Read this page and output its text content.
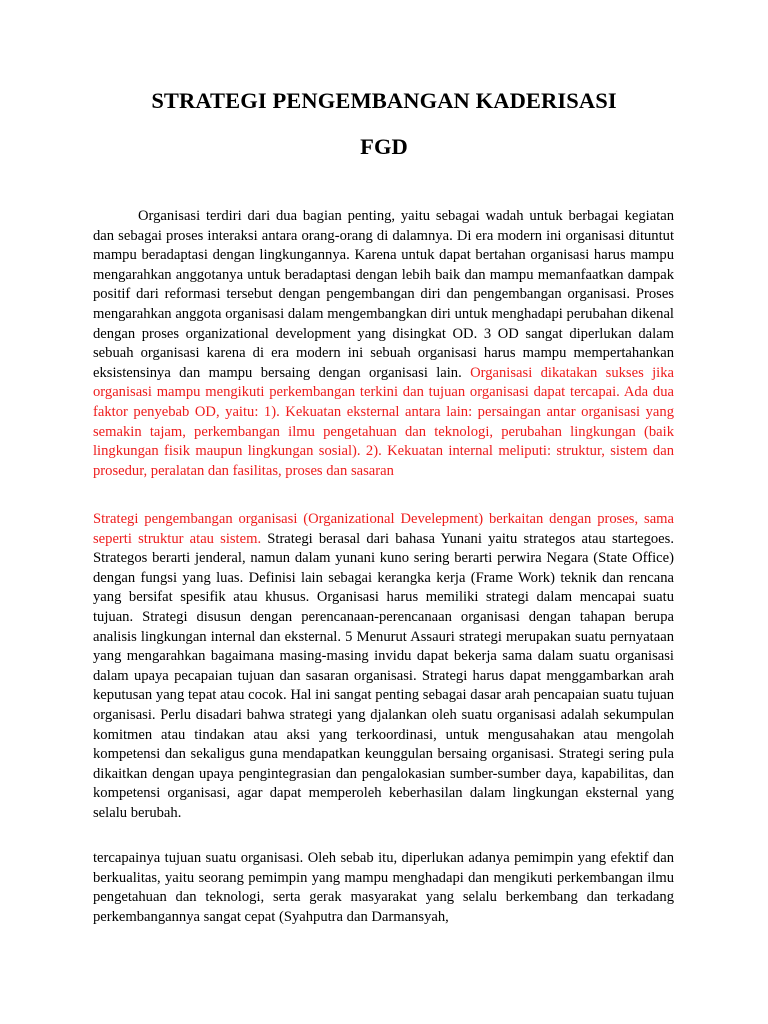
STRATEGI PENGEMBANGAN KADERISASI
FGD

Organisasi terdiri dari dua bagian penting, yaitu sebagai wadah untuk berbagai kegiatan dan sebagai proses interaksi antara orang-orang di dalamnya. Di era modern ini organisasi dituntut mampu beradaptasi dengan lingkungannya. Karena untuk dapat bertahan organisasi harus mampu mengarahkan anggotanya untuk beradaptasi dengan lebih baik dan mampu memanfaatkan dampak positif dari reformasi tersebut dengan pengembangan diri dan pengembangan organisasi. Proses mengarahkan anggota organisasi dalam mengembangkan diri untuk menghadapi perubahan dikenal dengan proses organizational development yang disingkat OD. 3 OD sangat diperlukan dalam sebuah organisasi karena di era modern ini sebuah organisasi harus mampu mempertahankan eksistensinya dan mampu bersaing dengan organisasi lain. Organisasi dikatakan sukses jika organisasi mampu mengikuti perkembangan terkini dan tujuan organisasi dapat tercapai. Ada dua faktor penyebab OD, yaitu: 1). Kekuatan eksternal antara lain: persaingan antar organisasi yang semakin tajam, perkembangan ilmu pengetahuan dan teknologi, perubahan lingkungan (baik lingkungan fisik maupun lingkungan sosial). 2). Kekuatan internal meliputi: struktur, sistem dan prosedur, peralatan dan fasilitas, proses dan sasaran

Strategi pengembangan organisasi (Organizational Develepment) berkaitan dengan proses, sama seperti struktur atau sistem. Strategi berasal dari bahasa Yunani yaitu strategos atau startegoes. Strategos berarti jenderal, namun dalam yunani kuno sering berarti perwira Negara (State Office) dengan fungsi yang luas. Definisi lain sebagai kerangka kerja (Frame Work) teknik dan rencana yang bersifat spesifik atau khusus. Organisasi harus memiliki strategi dalam mencapai suatu tujuan. Strategi disusun dengan perencanaan-perencanaan organisasi dengan tahapan berupa analisis lingkungan internal dan eksternal. 5 Menurut Assauri strategi merupakan suatu pernyataan yang mengarahkan bagaimana masing-masing invidu dapat bekerja sama dalam suatu organisasi dalam upaya pecapaian tujuan dan sasaran organisasi. Strategi harus dapat menggambarkan arah keputusan yang tepat atau cocok. Hal ini sangat penting sebagai dasar arah pencapaian suatu tujuan organisasi. Perlu disadari bahwa strategi yang djalankan oleh suatu organisasi adalah sekumpulan komitmen atau tindakan atau aksi yang terkoordinasi, untuk mengusahakan atau mengolah kompetensi dan sekaligus guna mendapatkan keunggulan bersaing organisasi. Strategi sering pula dikaitkan dengan upaya pengintegrasian dan pengalokasian sumber-sumber daya, kapabilitas, dan kompetensi organisasi, agar dapat memperoleh keberhasilan dalam lingkungan eksternal yang selalu berubah.

tercapainya tujuan suatu organisasi. Oleh sebab itu, diperlukan adanya pemimpin yang efektif dan berkualitas, yaitu seorang pemimpin yang mampu menghadapi dan mengikuti perkembangan ilmu pengetahuan dan teknologi, serta gerak masyarakat yang selalu berkembang dan terkadang perkembangannya sangat cepat (Syahputra dan Darmansyah,
